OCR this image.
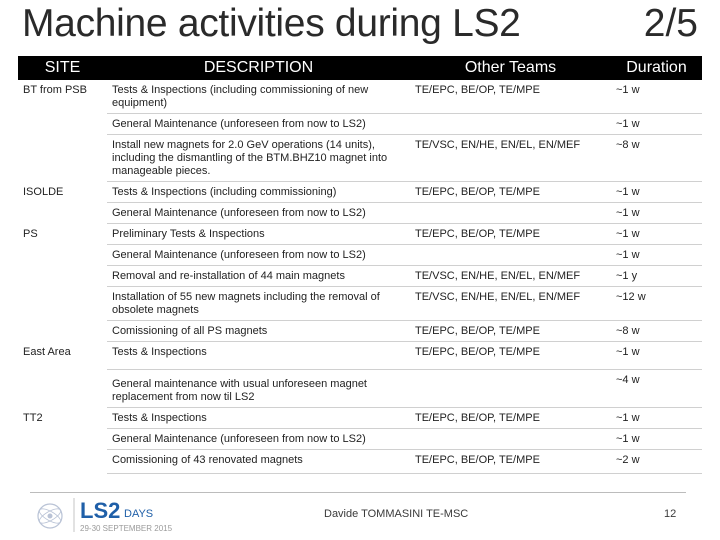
Machine activities during LS2	2/5
SITE	DESCRIPTION	Other Teams	Duration
BT from PSB	Tests & Inspections (including commissioning of new equipment)	TE/EPC, BE/OP, TE/MPE	~1 w
	General Maintenance (unforeseen from now to LS2)		~1 w
	Install new magnets for 2.0 GeV operations (14 units), including the dismantling of the BTM.BHZ10 magnet into manageable pieces.	TE/VSC, EN/HE, EN/EL, EN/MEF	~8 w
ISOLDE	Tests & Inspections (including commissioning)	TE/EPC, BE/OP, TE/MPE	~1 w
	General Maintenance (unforeseen from now to LS2)		~1 w
PS	Preliminary Tests & Inspections	TE/EPC, BE/OP, TE/MPE	~1 w
	General Maintenance (unforeseen from now to LS2)		~1 w
	Removal and re-installation of 44 main magnets	TE/VSC, EN/HE, EN/EL, EN/MEF	~1 y
	Installation of 55 new magnets including the removal of obsolete magnets	TE/VSC, EN/HE, EN/EL, EN/MEF	~12 w
	Comissioning of all PS magnets	TE/EPC, BE/OP, TE/MPE	~8 w
East Area	Tests & Inspections	TE/EPC, BE/OP, TE/MPE	~1 w
	General maintenance with usual unforeseen magnet replacement from now til LS2		~4 w
TT2	Tests & Inspections	TE/EPC, BE/OP, TE/MPE	~1 w
	General Maintenance (unforeseen from now to LS2)		~1 w
	Comissioning of 43 renovated magnets	TE/EPC, BE/OP, TE/MPE	~2 w
LS2 DAYS
29-30 SEPTEMBER 2015
Davide TOMMASINI TE-MSC	12
